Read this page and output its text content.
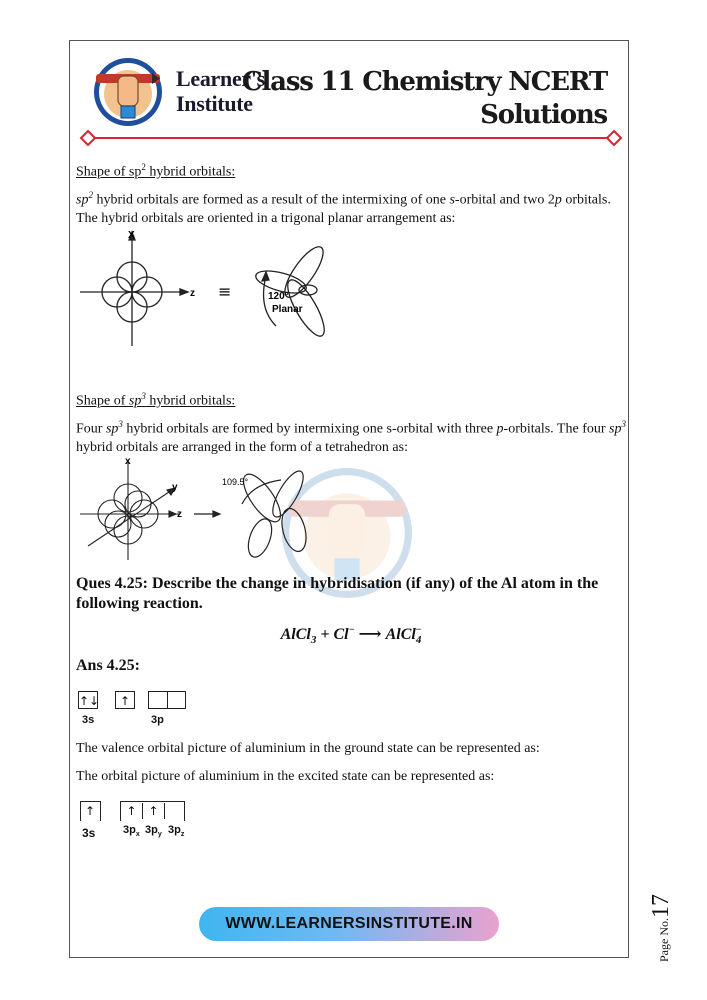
Learner's
Institute
Class 11 Chemistry NCERT
Solutions
Shape of $sp^2$ hybrid orbitals:
$sp^2$ hybrid orbitals are formed as a result of the intermixing of one s-orbital and two 2p orbitals. The hybrid orbitals are oriented in a trigonal planar arrangement as:
X
z ≡	120°
Planar
Shape of $sp^3$ hybrid orbitals:
Four $sp^3$ hybrid orbitals are formed by intermixing one s-orbital with three p-orbitals. The four $sp^3$ hybrid orbitals are arranged in the form of a tetrahedron as:
x
y
z
109.5°
Ques 4.25: Describe the change in hybridisation (if any) of the Al atom in the following reaction.
AlCl$_3$ + Cl− ⟶ AlCl$_4$−
Ans 4.25:
↑↓	↑
3s	3p
The valence orbital picture of aluminium in the ground state can be represented as:
The orbital picture of aluminium in the excited state can be represented as:
↑	↑ ↑
3s	$3p_x$ $3p_y$ $3p_z$
WWW.LEARNERSINSTITUTE.IN	Page No.17
